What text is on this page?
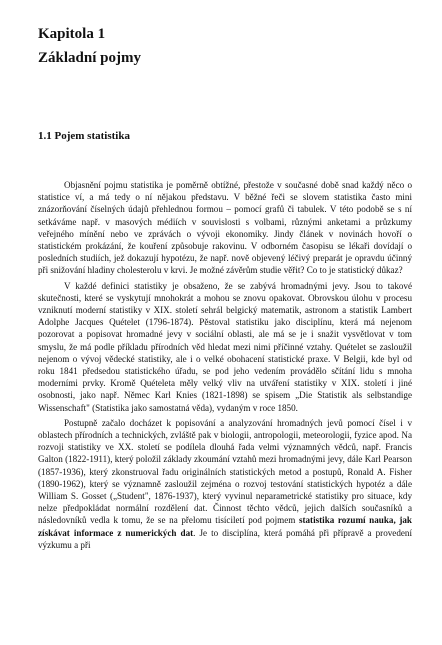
Kapitola 1
Základní pojmy
1.1 Pojem statistika

Objasnění pojmu statistika je poměrně obtížné, přestože v současné době snad každý něco o statistice ví, a má tedy o ní nějakou představu. V běžné řeči se slovem statistika často mini znázorňování číselných údajů přehlednou formou – pomocí grafů či tabulek. V této podobě se s ní setkáváme např. v masových médiích v souvislosti s volbami, různými anketami a průzkumy veřejného mínění nebo ve zprávách o vývoji ekonomiky. Jindy článek v novinách hovoří o statistickém prokázání, že kouření způsobuje rakovinu. V odborném časopisu se lékaři dovídají o posledních studiích, jež dokazují hypotézu, že např. nově objevený léčivý preparát je opravdu účinný při snižování hladiny cholesterolu v krvi. Je možné závěrům studie věřit? Co to je statistický důkaz?

V každé definici statistiky je obsaženo, že se zabývá hromadnými jevy. Jsou to takové skutečnosti, které se vyskytují mnohokrát a mohou se znovu opakovat. Obrovskou úlohu v procesu vzniknutí moderní statistiky v XIX. století sehrál belgický matematik, astronom a statistik Lambert Adolphe Jacques Quételet (1796-1874). Pěstoval statistiku jako disciplínu, která má nejenom pozorovat a popisovat hromadné jevy v sociální oblasti, ale má se je i snažit vysvětlovat v tom smyslu, že má podle příkladu přírodních věd hledat mezi nimi příčinné vztahy. Quételet se zasloužil nejenom o vývoj vědecké statistiky, ale i o velké obohacení statistické praxe. V Belgii, kde byl od roku 1841 předsedou statistického úřadu, se pod jeho vedením provádělo sčítání lidu s mnoha moderními prvky. Kromě Quételeta měly velký vliv na utváření statistiky v XIX. století i jiné osobnosti, jako např. Němec Karl Knies (1821-1898) se spisem „Die Statistik als selbstandige Wissenschaft" (Statistika jako samostatná věda), vydaným v roce 1850.

Postupně začalo docházet k popisování a analyzování hromadných jevů pomocí čísel i v oblastech přírodních a technických, zvláště pak v biologii, antropologii, meteorologii, fyzice apod. Na rozvoji statistiky ve XX. století se podílela dlouhá řada velmi významných vědců, např. Francis Galton (1822-1911), který položil základy zkoumání vztahů mezi hromadnými jevy, dále Karl Pearson (1857-1936), který zkonstruoval řadu originálních statistických metod a postupů, Ronald A. Fisher (1890-1962), který se významně zasloužil zejména o rozvoj testování statistických hypotéz a dále William S. Gosset („Student", 1876-1937), který vyvinul neparametrické statistiky pro situace, kdy nelze předpokládat normální rozdělení dat. Činnost těchto vědců, jejich dalších současníků a následovníků vedla k tomu, že se na přelomu tisíciletí pod pojmem statistika rozumí nauka, jak získávat informace z numerických dat. Je to disciplína, která pomáhá při přípravě a provedení výzkumu a při
